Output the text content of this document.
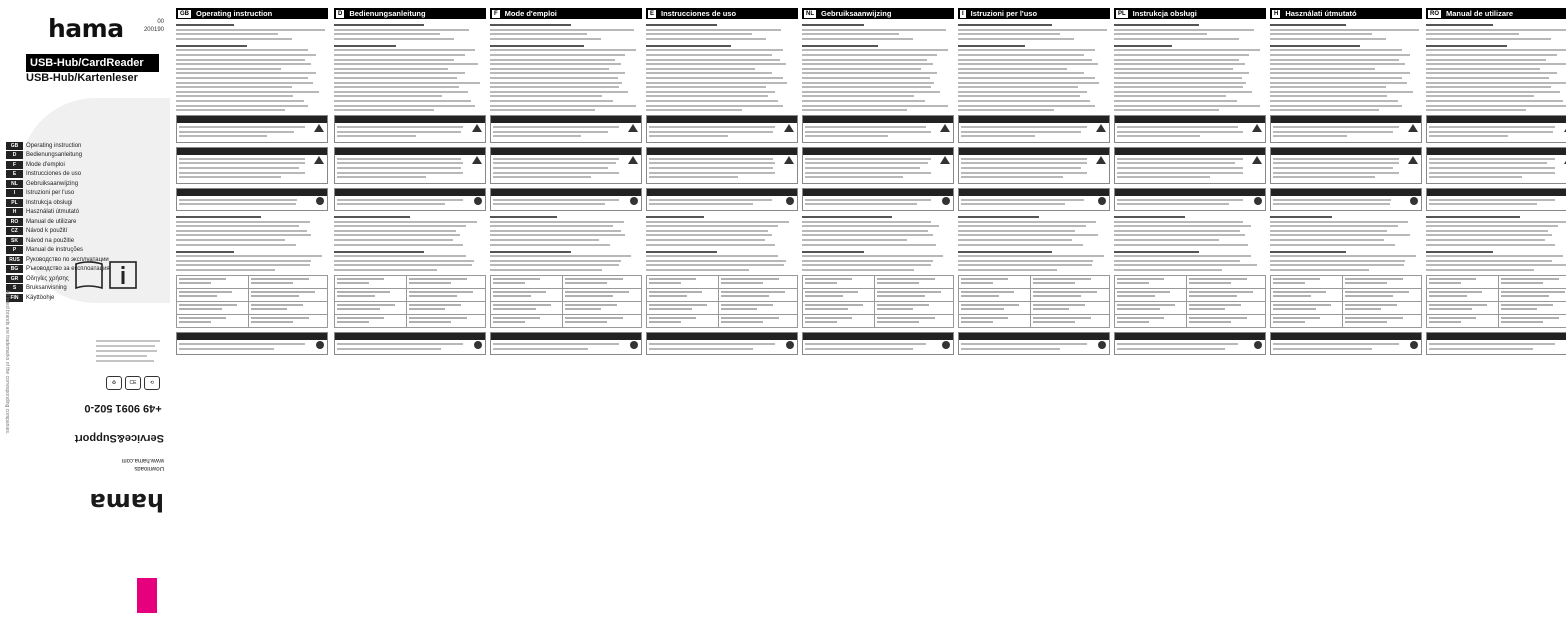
hama	00
200190
USB-Hub/CardReader
USB-Hub/Kartenleser
GB	Operating instruction
D	Bedienungsanleitung
F	Mode d'emploi
E	Instrucciones de uso
NL	Gebruiksaanwijzing
I	Istruzioni per l'uso
PL	Instrukcja obsługi
H	Használati útmutató
RO	Manual de utilizare
CZ	Návod k použití
SK	Návod na použitie
P	Manual de instruções
RUS	Руководство по эксплуатации
BG	Ръководство за експлоатация
GR	Οδηγίες χρήσης
S	Bruksanvisning
FIN	Käyttöohje
♻	CE	⟲
+49 9091 502-0
Service&Support
Downloads
www.hama.com
hama
All listed brands are trademarks of the corresponding companies.
GB Operating instruction

		D Bedienungsanleitung

		F Mode d'emploi

		E Instrucciones de uso

		NL Gebruiksaanwijzing

		I Istruzioni per l'uso

		PL Instrukcja obsługi

		H Használati útmutató

		RO Manual de utilizare
